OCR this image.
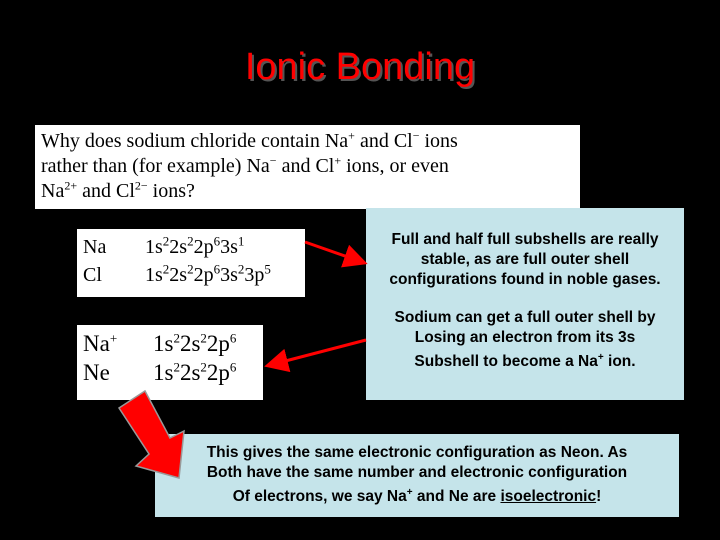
Ionic Bonding
Why does sodium chloride contain Na+ and Cl− ions
rather than (for example) Na− and Cl+ ions, or even
$Na^{2+}$ and $Cl^{2-}$ ions?
Na	$1s^22s^22p^63s^1$
Cl	$1s^22s^22p^63s^23p^5$
Na+	$1s^22s^22p^6$
Ne	$1s^22s^22p^6$

Full and half full subshells are really
stable, as are full outer shell
configurations found in noble gases.

Sodium can get a full outer shell by
Losing an electron from its 3s
Subshell to become a Na+ ion.

This gives the same electronic configuration as Neon. As
Both have the same number and electronic configuration
Of electrons, we say Na+ and Ne are isoelectronic!
